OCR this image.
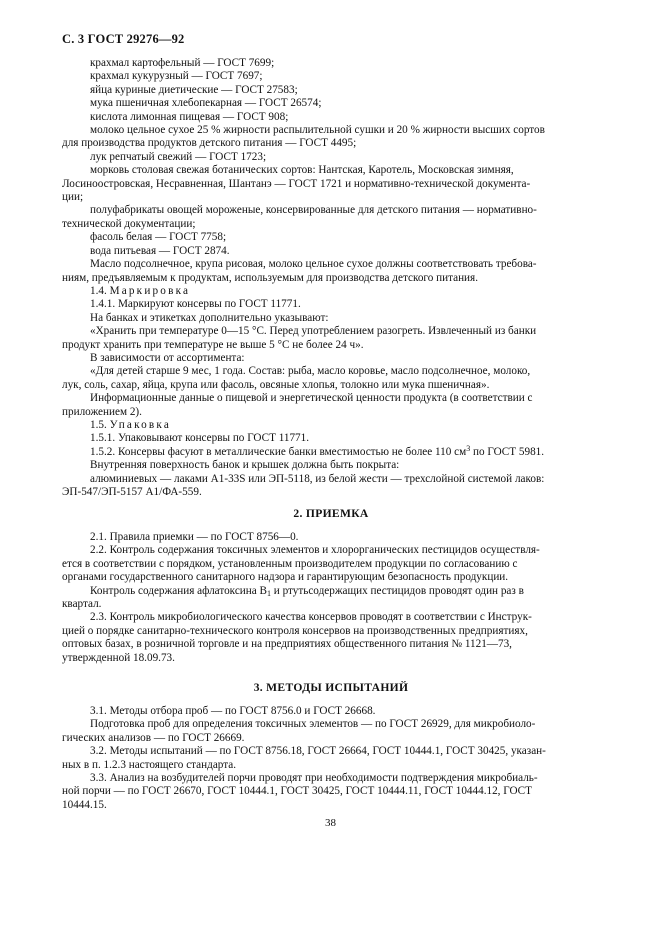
С. 3 ГОСТ 29276—92
крахмал картофельный — ГОСТ 7699;
крахмал кукурузный — ГОСТ 7697;
яйца куриные диетические — ГОСТ 27583;
мука пшеничная хлебопекарная — ГОСТ 26574;
кислота лимонная пищевая — ГОСТ 908;
молоко цельное сухое 25 % жирности распылительной сушки и 20 % жирности высших сортов
для производства продуктов детского питания — ГОСТ 4495;
лук репчатый свежий — ГОСТ 1723;
морковь столовая свежая ботанических сортов: Нантская, Каротель, Московская зимняя,
Лосиноостровская, Несравненная, Шантанэ — ГОСТ 1721 и нормативно-технической документа-
ции;
полуфабрикаты овощей мороженые, консервированные для детского питания — нормативно-
технической документации;
фасоль белая — ГОСТ 7758;
вода питьевая — ГОСТ 2874.
Масло подсолнечное, крупа рисовая, молоко цельное сухое должны соответствовать требова-
ниям, предъявляемым к продуктам, используемым для производства детского питания.
1.4. Маркировка
1.4.1. Маркируют консервы по ГОСТ 11771.
На банках и этикетках дополнительно указывают:
«Хранить при температуре 0—15 °С. Перед употреблением разогреть. Извлеченный из банки
продукт хранить при температуре не выше 5 °С не более 24 ч».
В зависимости от ассортимента:
«Для детей старше 9 мес, 1 года. Состав: рыба, масло коровье, масло подсолнечное, молоко,
лук, соль, сахар, яйца, крупа или фасоль, овсяные хлопья, толокно или мука пшеничная».
Информационные данные о пищевой и энергетической ценности продукта (в соответствии с
приложением 2).
1.5. Упаковка
1.5.1. Упаковывают консервы по ГОСТ 11771.
1.5.2. Консервы фасуют в металлические банки вместимостью не более 110 $см^3$ по ГОСТ 5981.
Внутренняя поверхность банок и крышек должна быть покрыта:
алюминиевых — лаками А1-33S или ЭП-5118, из белой жести — трехслойной системой лаков:
ЭП-547/ЭП-5157 А1/ФА-559.
2. ПРИЕМКА
2.1. Правила приемки — по ГОСТ 8756—0.
2.2. Контроль содержания токсичных элементов и хлорорганических пестицидов осуществля-
ется в соответствии с порядком, установленным производителем продукции по согласованию с
органами государственного санитарного надзора и гарантирующим безопасность продукции.
Контроль содержания афлатоксина $В_1$ и ртутьсодержащих пестицидов проводят один раз в
квартал.
2.3. Контроль микробиологического качества консервов проводят в соответствии с Инструк-
цией о порядке санитарно-технического контроля консервов на производственных предприятиях,
оптовых базах, в розничной торговле и на предприятиях общественного питания № 1121—73,
утвержденной 18.09.73.
3. МЕТОДЫ ИСПЫТАНИЙ
3.1. Методы отбора проб — по ГОСТ 8756.0 и ГОСТ 26668.
Подготовка проб для определения токсичных элементов — по ГОСТ 26929, для микробиоло-
гических анализов — по ГОСТ 26669.
3.2. Методы испытаний — по ГОСТ 8756.18, ГОСТ 26664, ГОСТ 10444.1, ГОСТ 30425, указан-
ных в п. 1.2.3 настоящего стандарта.
3.3. Анализ на возбудителей порчи проводят при необходимости подтверждения микробиаль-
ной порчи — по ГОСТ 26670, ГОСТ 10444.1, ГОСТ 30425, ГОСТ 10444.11, ГОСТ 10444.12, ГОСТ
10444.15.
38
